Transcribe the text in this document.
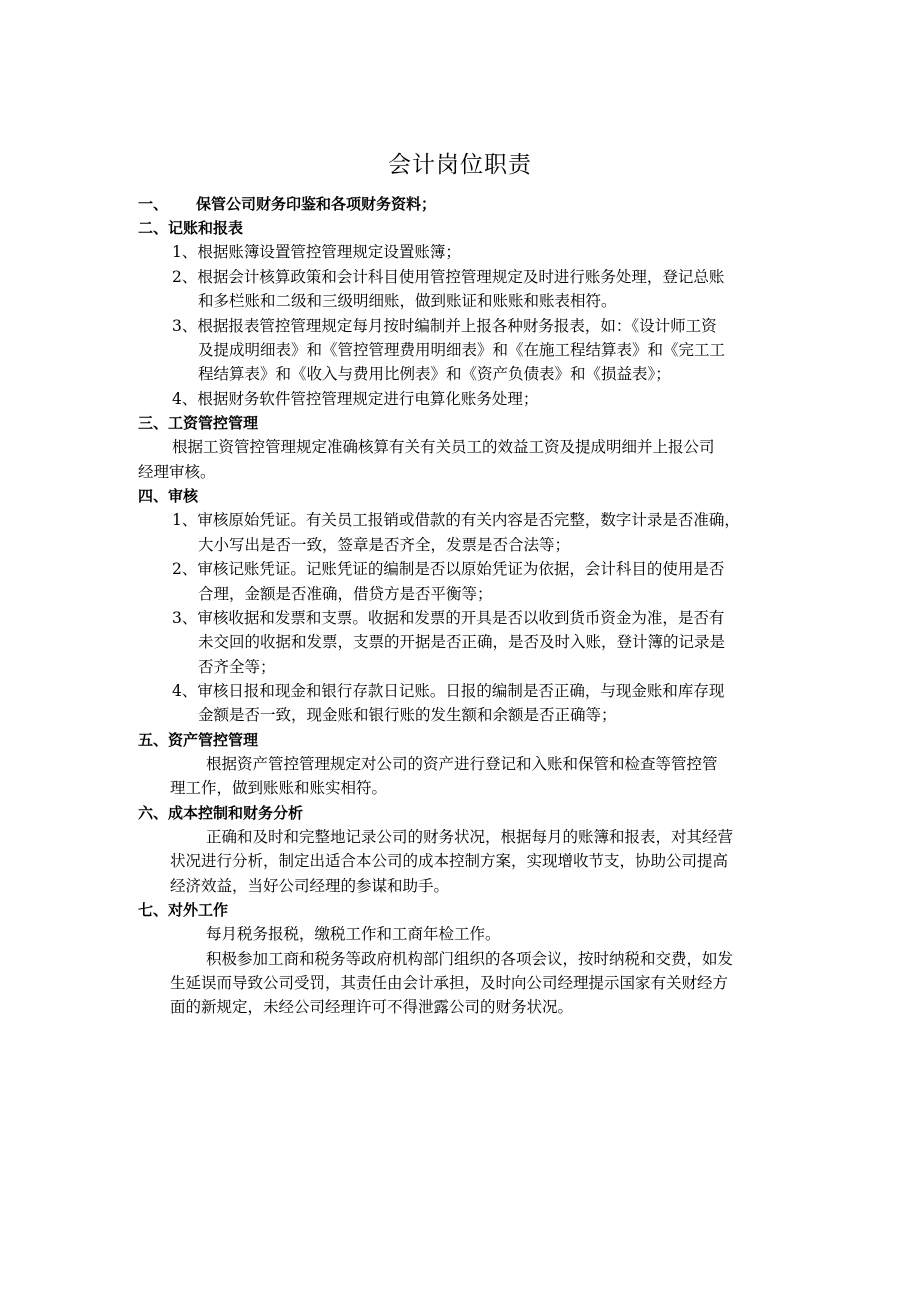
会计岗位职责
一、 保管公司财务印鉴和各项财务资料；
二、记账和报表
1、根据账簿设置管控管理规定设置账簿；
2、根据会计核算政策和会计科目使用管控管理规定及时进行账务处理，登记总账
和多栏账和二级和三级明细账，做到账证和账账和账表相符。
3、根据报表管控管理规定每月按时编制并上报各种财务报表，如：《设计师工资
及提成明细表》和《管控管理费用明细表》和《在施工程结算表》和《完工工
程结算表》和《收入与费用比例表》和《资产负债表》和《损益表》；
4、根据财务软件管控管理规定进行电算化账务处理；
三、工资管控管理
根据工资管控管理规定准确核算有关有关员工的效益工资及提成明细并上报公司
经理审核。
四、审核
1、审核原始凭证。有关员工报销或借款的有关内容是否完整，数字计录是否准确，
大小写出是否一致，签章是否齐全，发票是否合法等；
2、审核记账凭证。记账凭证的编制是否以原始凭证为依据，会计科目的使用是否
合理，金额是否准确，借贷方是否平衡等；
3、审核收据和发票和支票。收据和发票的开具是否以收到货币资金为准，是否有
未交回的收据和发票，支票的开据是否正确，是否及时入账，登计簿的记录是
否齐全等；
4、审核日报和现金和银行存款日记账。日报的编制是否正确，与现金账和库存现
金额是否一致，现金账和银行账的发生额和余额是否正确等；
五、资产管控管理
根据资产管控管理规定对公司的资产进行登记和入账和保管和检查等管控管
理工作，做到账账和账实相符。
六、成本控制和财务分析
正确和及时和完整地记录公司的财务状况，根据每月的账簿和报表，对其经营
状况进行分析，制定出适合本公司的成本控制方案，实现增收节支，协助公司提高
经济效益，当好公司经理的参谋和助手。
七、对外工作
每月税务报税，缴税工作和工商年检工作。
积极参加工商和税务等政府机构部门组织的各项会议，按时纳税和交费，如发
生延误而导致公司受罚，其责任由会计承担，及时向公司经理提示国家有关财经方
面的新规定，未经公司经理许可不得泄露公司的财务状况。
